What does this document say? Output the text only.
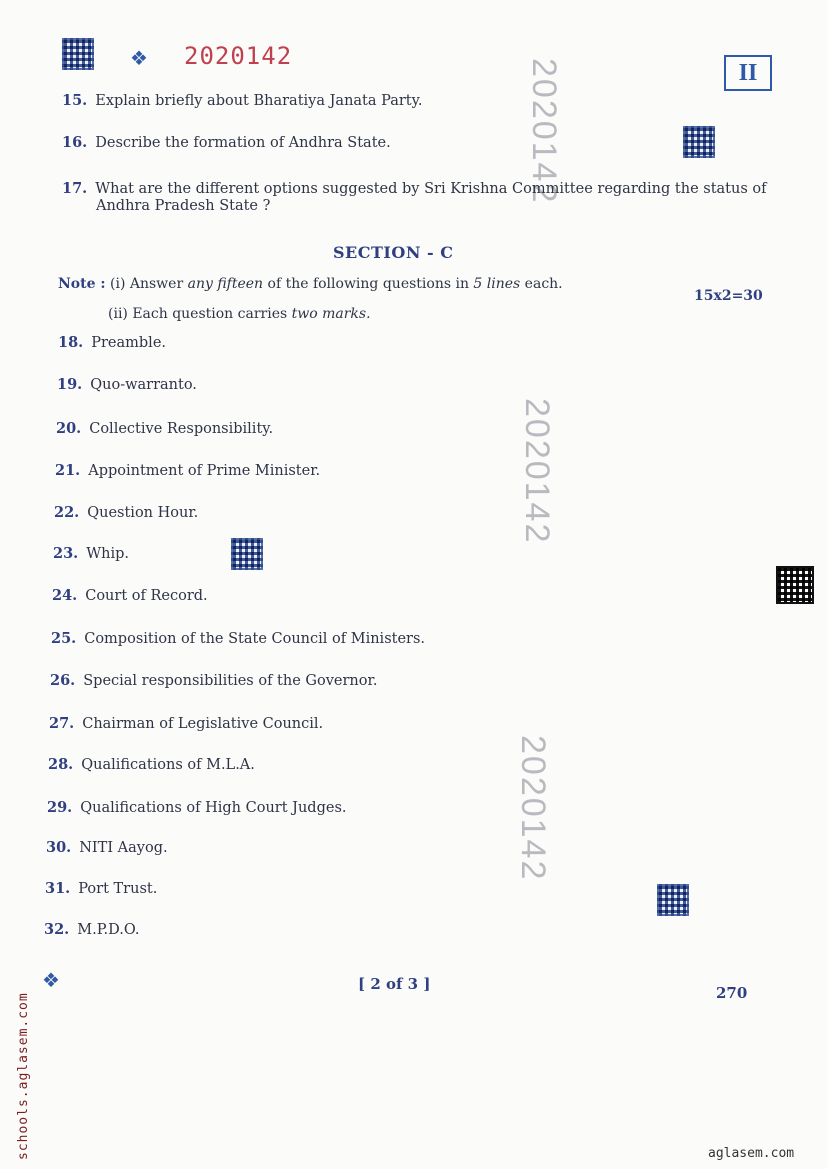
❖ 2020142
II
2020142
2020142
2020142
15. Explain briefly about Bharatiya Janata Party.
16. Describe the formation of Andhra State.
17. What are the different options suggested by Sri Krishna Committee regarding the status of Andhra Pradesh State ?
SECTION - C
Note : (i) Answer any fifteen of the following questions in 5 lines each.
15x2=30
(ii) Each question carries two marks.
18. Preamble.
19. Quo-warranto.
20. Collective Responsibility.
21. Appointment of Prime Minister.
22. Question Hour.
23. Whip.
24. Court of Record.
25. Composition of the State Council of Ministers.
26. Special responsibilities of the Governor.
27. Chairman of Legislative Council.
28. Qualifications of M.L.A.
29. Qualifications of High Court Judges.
30. NITI Aayog.
31. Port Trust.
32. M.P.D.O.
❖	[ 2 of 3 ]	270
schools.aglasem.com	aglasem.com
